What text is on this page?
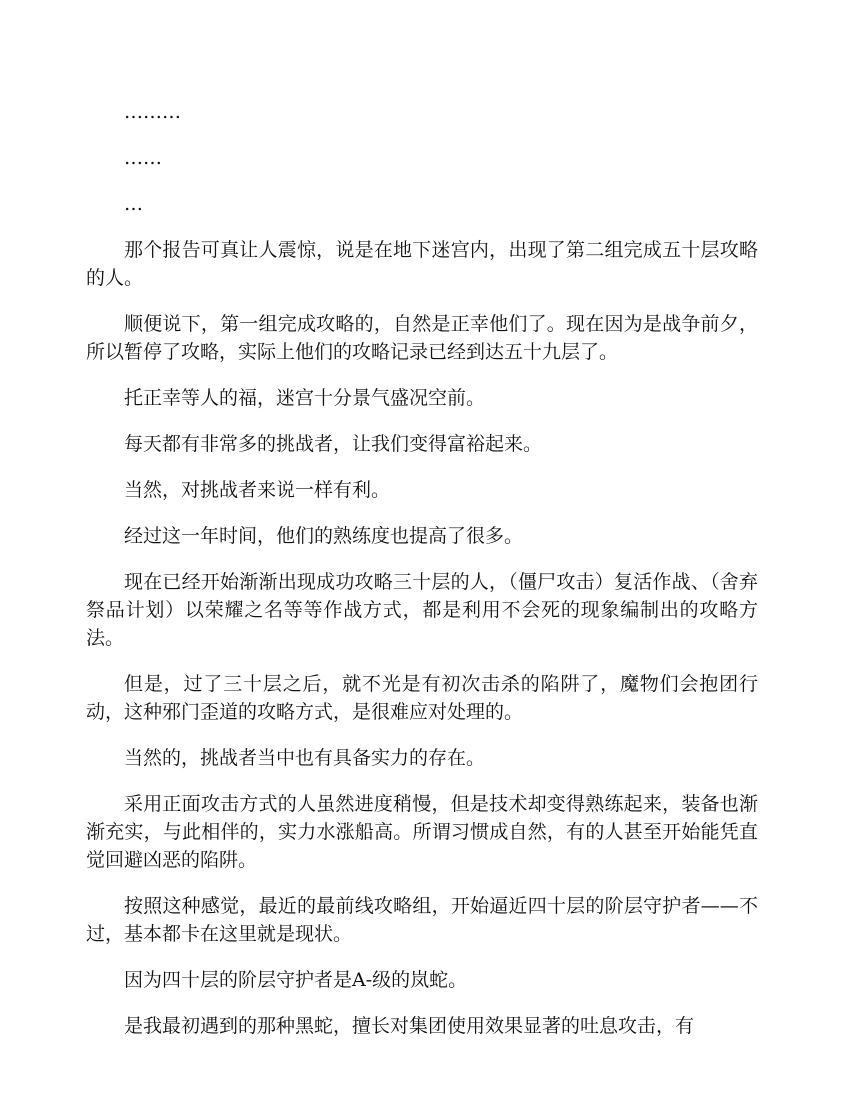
………

……

…

那个报告可真让人震惊，说是在地下迷宫内，出现了第二组完成五十层攻略的人。

顺便说下，第一组完成攻略的，自然是正幸他们了。现在因为是战争前夕，所以暂停了攻略，实际上他们的攻略记录已经到达五十九层了。

托正幸等人的福，迷宫十分景气盛况空前。

每天都有非常多的挑战者，让我们变得富裕起来。

当然，对挑战者来说一样有利。

经过这一年时间，他们的熟练度也提高了很多。

现在已经开始渐渐出现成功攻略三十层的人，（僵尸攻击）复活作战、（舍弃祭品计划）以荣耀之名等等作战方式，都是利用不会死的现象编制出的攻略方法。

但是，过了三十层之后，就不光是有初次击杀的陷阱了，魔物们会抱团行动，这种邪门歪道的攻略方式，是很难应对处理的。

当然的，挑战者当中也有具备实力的存在。

采用正面攻击方式的人虽然进度稍慢，但是技术却变得熟练起来，装备也渐渐充实，与此相伴的，实力水涨船高。所谓习惯成自然，有的人甚至开始能凭直觉回避凶恶的陷阱。

按照这种感觉，最近的最前线攻略组，开始逼近四十层的阶层守护者——不过，基本都卡在这里就是现状。

因为四十层的阶层守护者是A-级的岚蛇。

是我最初遇到的那种黑蛇，擅长对集团使用效果显著的吐息攻击，有
